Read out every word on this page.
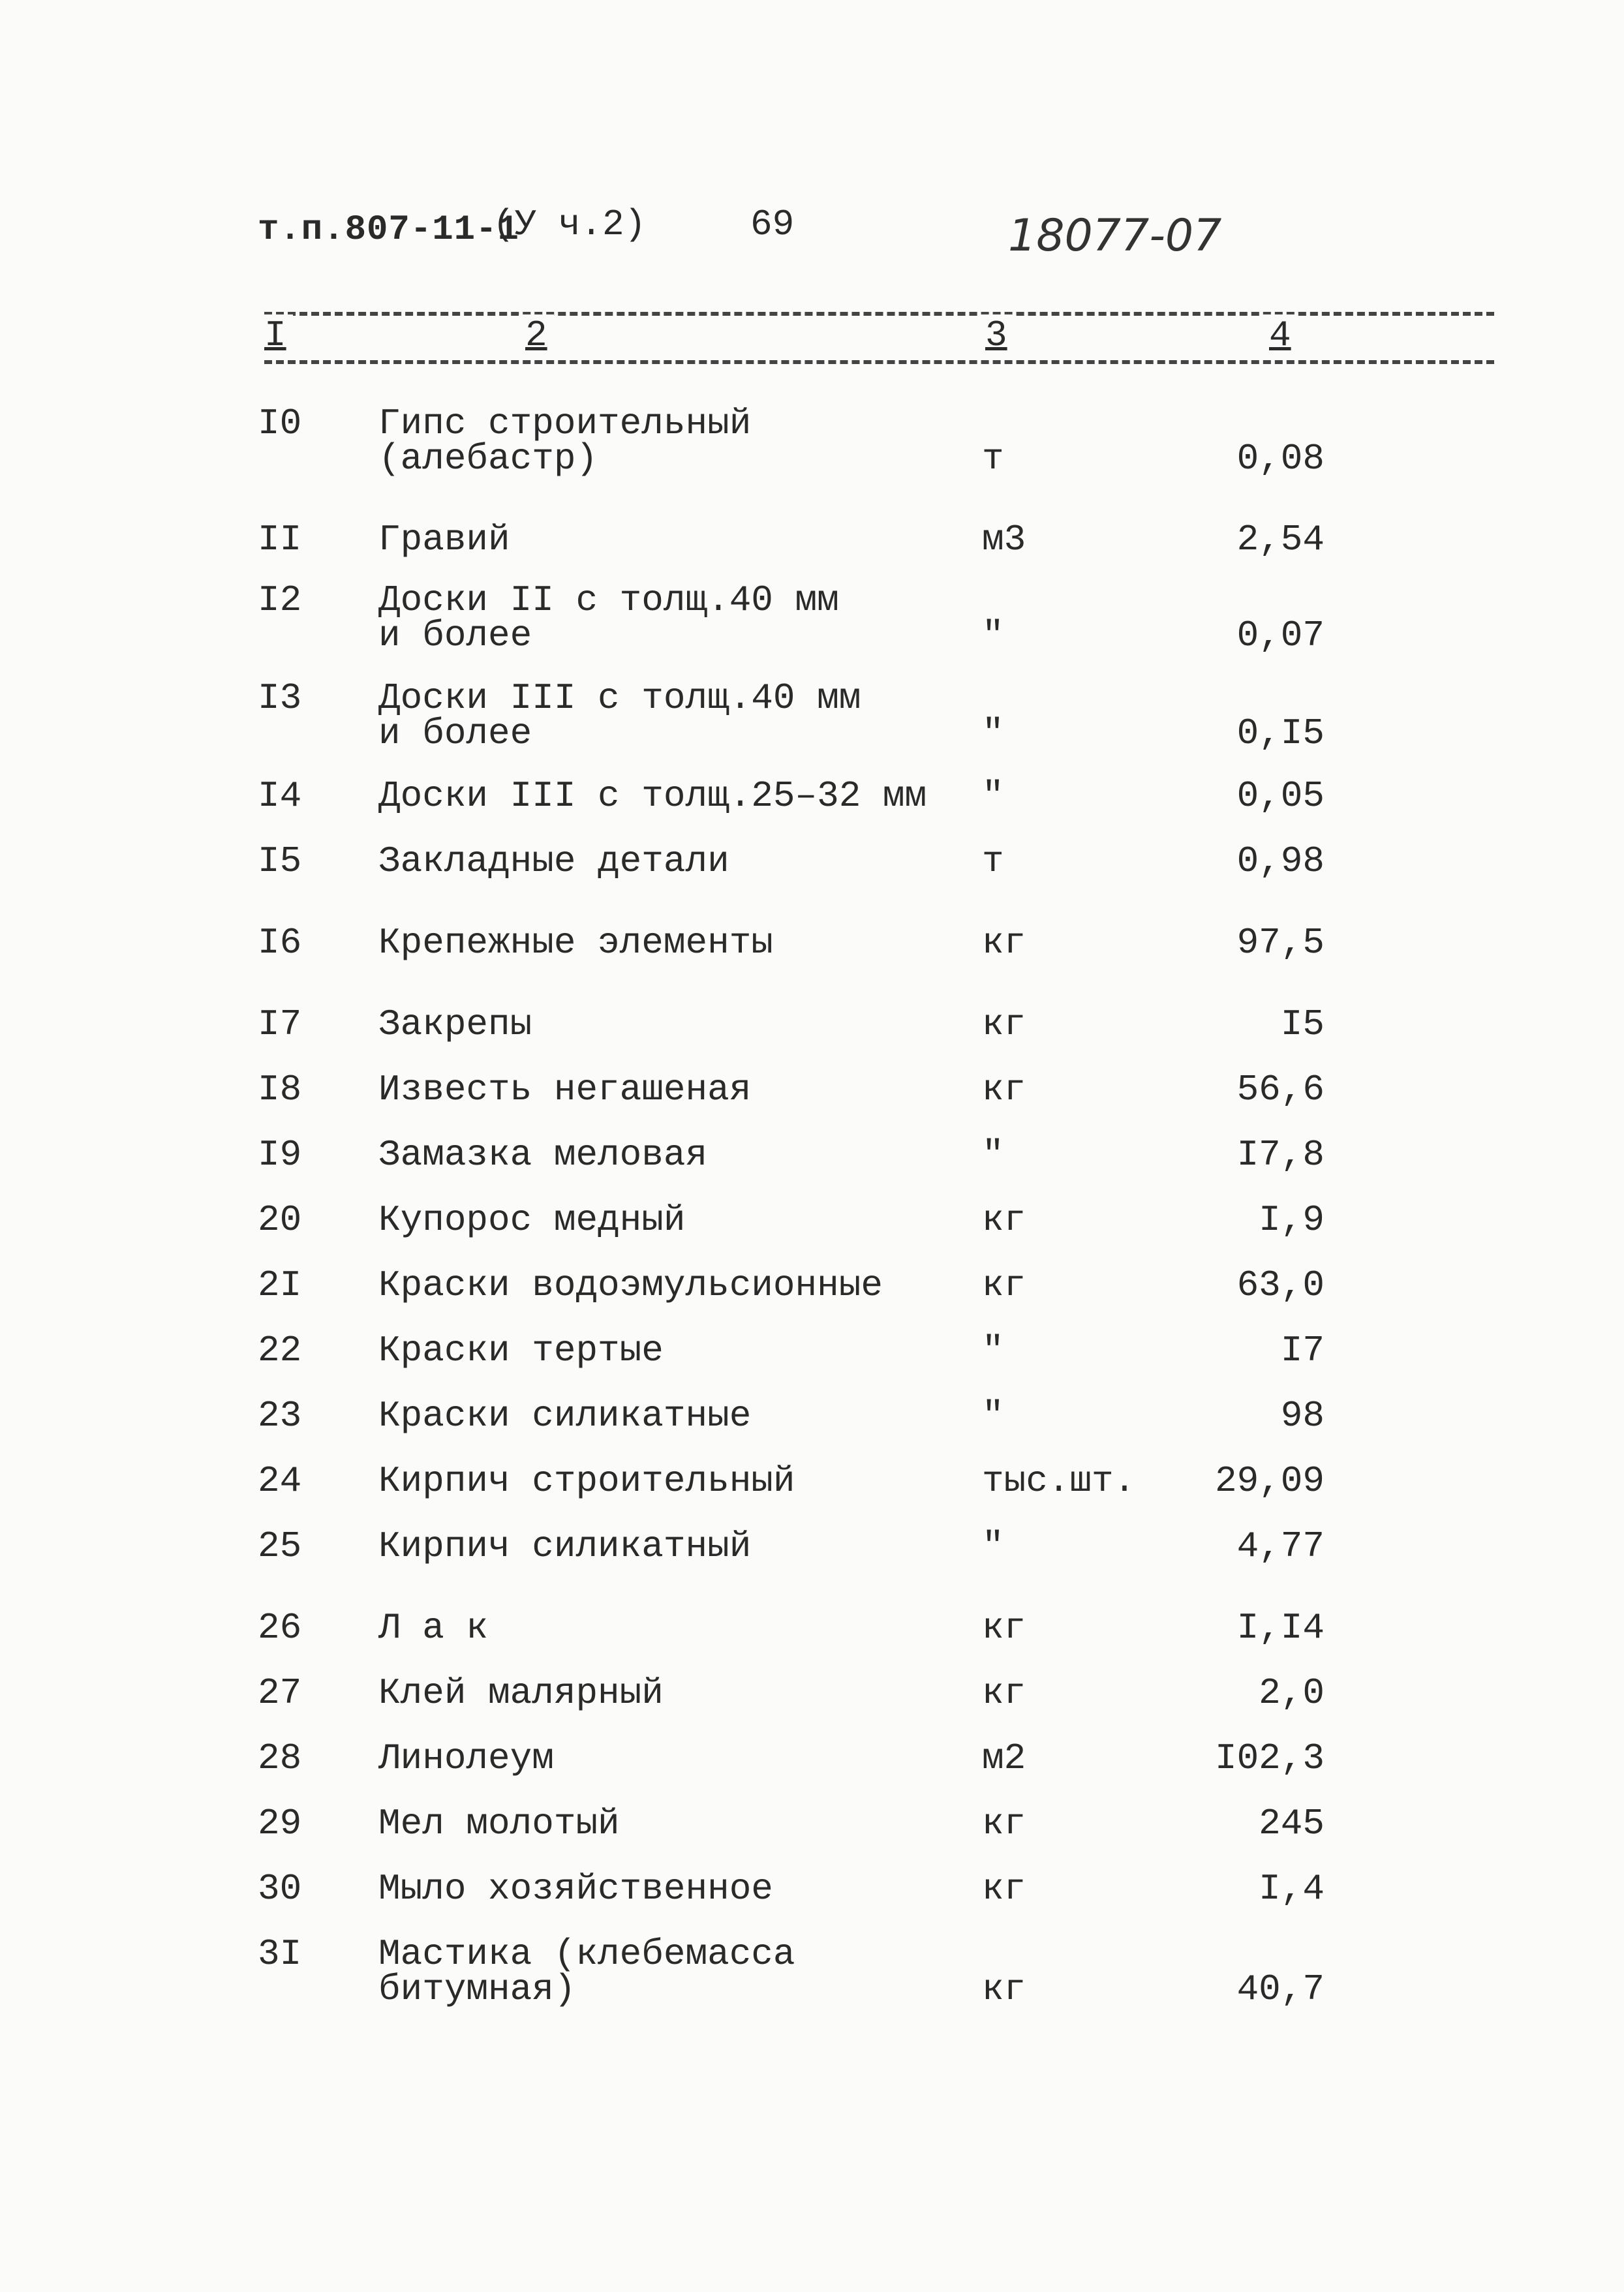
т.п.807-11-1
(У ч.2)	69	18077-07
I	2	3	4
I0 Гипс строительный
(алебастр)	т	0,08
II Гравий	м3	2,54
I2 Доски II с толщ.40 мм
и более	"	0,07
I3 Доски III с толщ.40 мм
и более	"	0,I5
I4 Доски III с толщ.25–32 мм "	0,05
I5 Закладные детали	т	0,98
I6 Крепежные элементы	кг	97,5
I7 Закрепы	кг	I5
I8 Известь негашеная	кг	56,6
I9 Замазка меловая	"	I7,8
20 Купорос медный	кг	I,9
2I Краски водоэмульсионные	кг	63,0
22 Краски тертые	"	I7
23 Краски силикатные	"	98
24 Кирпич строительный	тыс.шт. 29,09
25 Кирпич силикатный	"	4,77
26 Л а к	кг	I,I4
27 Клей малярный	кг	2,0
28 Линолеум	м2	I02,3
29 Мел молотый	кг	245
30 Мыло хозяйственное	кг	I,4
3I Мастика (клебемасса
битумная)	кг	40,7
